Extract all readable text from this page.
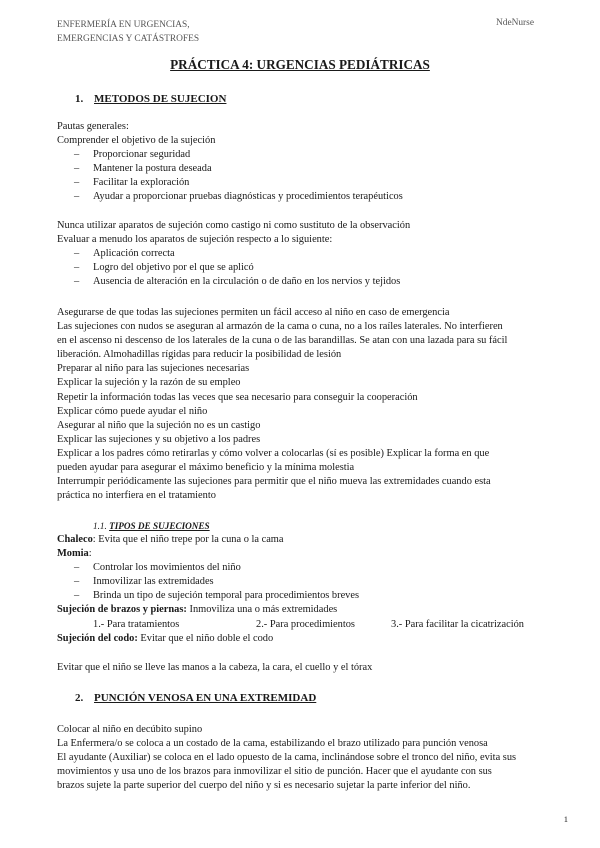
ENFERMERÍA EN URGENCIAS,
EMERGENCIAS Y CATÁSTROFES
NdeNurse
PRÁCTICA 4: URGENCIAS PEDIÁTRICAS
1. METODOS DE SUJECION
Pautas generales:
Comprender el objetivo de la sujeción
– Proporcionar seguridad
– Mantener la postura deseada
– Facilitar la exploración
– Ayudar a proporcionar pruebas diagnósticas y procedimientos terapéuticos
Nunca utilizar aparatos de sujeción como castigo ni como sustituto de la observación
Evaluar a menudo los aparatos de sujeción respecto a lo siguiente:
– Aplicación correcta
– Logro del objetivo por el que se aplicó
– Ausencia de alteración en la circulación o de daño en los nervios y tejidos
Asegurarse de que todas las sujeciones permiten un fácil acceso al niño en caso de emergencia
Las sujeciones con nudos se aseguran al armazón de la cama o cuna, no a los raíles laterales. No interfieren
en el ascenso ni descenso de los laterales de la cuna o de las barandillas. Se atan con una lazada para su fácil
liberación. Almohadillas rígidas para reducir la posibilidad de lesión
Preparar al niño para las sujeciones necesarias
Explicar la sujeción y la razón de su empleo
Repetir la información todas las veces que sea necesario para conseguir la cooperación
Explicar cómo puede ayudar el niño
Asegurar al niño que la sujeción no es un castigo
Explicar las sujeciones y su objetivo a los padres
Explicar a los padres cómo retirarlas y cómo volver a colocarlas (sí es posible) Explicar la forma en que
pueden ayudar para asegurar el máximo beneficio y la mínima molestia
Interrumpir periódicamente las sujeciones para permitir que el niño mueva las extremidades cuando esta
práctica no interfiera en el tratamiento
1.1. TIPOS DE SUJECIONES
Chaleco: Evita que el niño trepe por la cuna o la cama
Momia:
– Controlar los movimientos del niño
– Inmovilizar las extremidades
– Brinda un tipo de sujeción temporal para procedimientos breves
Sujeción de brazos y piernas: Inmoviliza una o más extremidades
1.- Para tratamientos	2.- Para procedimientos	3.- Para facilitar la cicatrización
Sujeción del codo: Evitar que el niño doble el codo
Evitar que el niño se lleve las manos a la cabeza, la cara, el cuello y el tórax
2. PUNCIÓN VENOSA EN UNA EXTREMIDAD
Colocar al niño en decúbito supino
La Enfermera/o se coloca a un costado de la cama, estabilizando el brazo utilizado para punción venosa
El ayudante (Auxiliar) se coloca en el lado opuesto de la cama, inclinándose sobre el tronco del niño, evita sus
movimientos y usa uno de los brazos para inmovilizar el sitio de punción. Hacer que el ayudante con sus
brazos sujete la parte superior del cuerpo del niño y si es necesario sujetar la parte inferior del niño.
1
